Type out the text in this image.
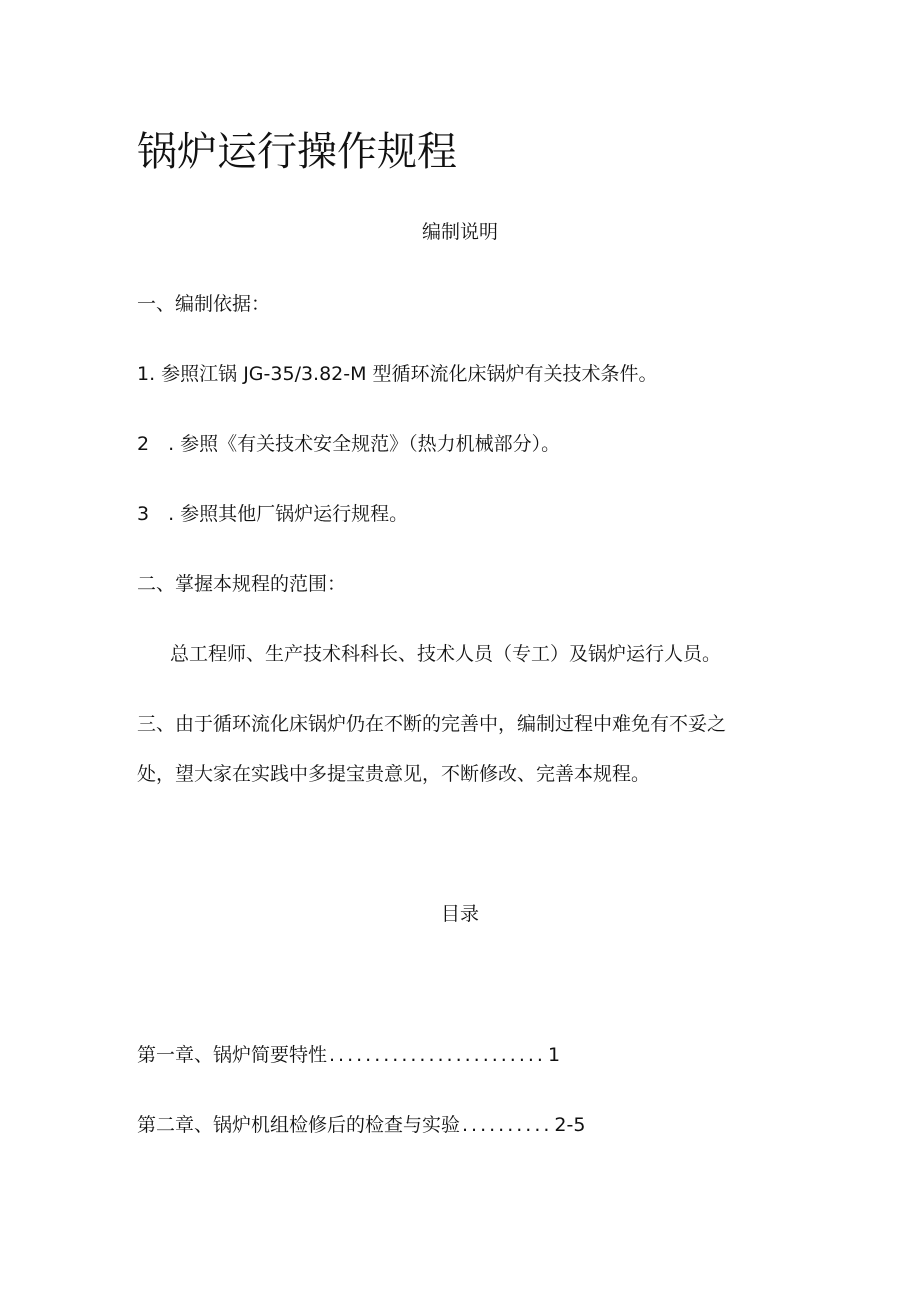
锅炉运行操作规程
编制说明
一、编制依据：
1. 参照江锅 JG-35/3.82-M 型循环流化床锅炉有关技术条件。
2　. 参照《有关技术安全规范》（热力机械部分）。
3　. 参照其他厂锅炉运行规程。
二、掌握本规程的范围：
总工程师、生产技术科科长、技术人员（专工）及锅炉运行人员。
三、由于循环流化床锅炉仍在不断的完善中，编制过程中难免有不妥之
处，望大家在实践中多提宝贵意见，不断修改、完善本规程。
目录
第一章、锅炉简要特性 ........................ 1
第二章、锅炉机组检修后的检查与实验 .......... 2-5
